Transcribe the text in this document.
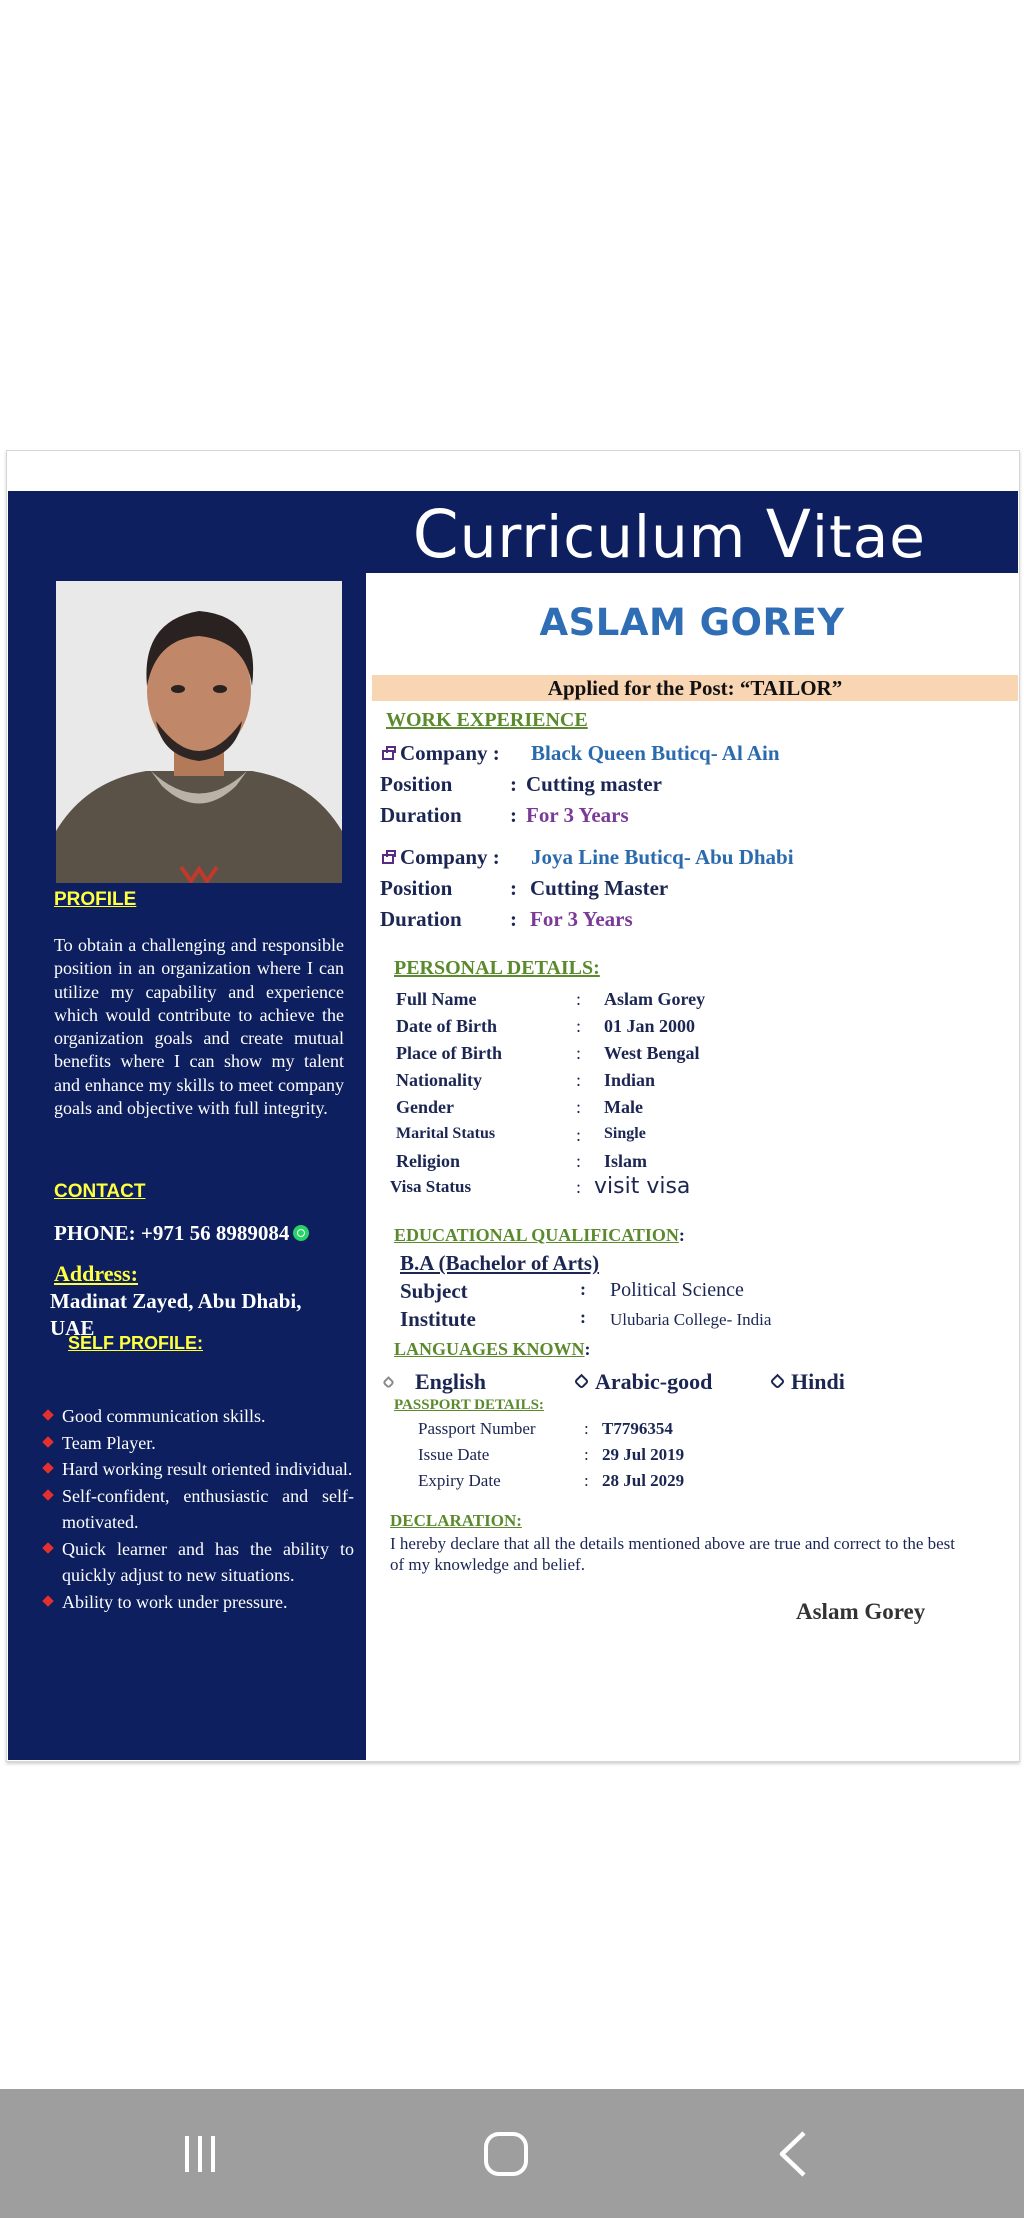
PROFILE
To obtain a challenging and responsible position in an organization where I can utilize my capability and experience which would contribute to achieve the organization goals and create mutual benefits where I can show my talent and enhance my skills to meet company goals and objective with full integrity.
CONTACT
PHONE: +971 56 8989084
Address:
Madinat Zayed, Abu Dhabi,
UAE
SELF PROFILE:
Good communication skills.
Team Player.
Hard working result oriented individual.
Self-confident, enthusiastic and self-motivated.
Quick learner and has the ability to quickly adjust to new situations.
Ability to work under pressure.
Curriculum Vitae
ASLAM GOREY
Applied for the Post: “TAILOR”
WORK EXPERIENCE
Company : Black Queen Buticq- Al Ain
Position	: Cutting master
Duration : For 3 Years
Company : Joya Line Buticq- Abu Dhabi
Position	: Cutting Master
Duration : For 3 Years
PERSONAL DETAILS:
Full Name	: Aslam Gorey
Date of Birth	: 01 Jan 2000
Place of Birth	: West Bengal
Nationality	: Indian
Gender	: Male
Marital Status	: Single
Religion	: Islam
Visa Status	: visit visa
EDUCATIONAL QUALIFICATION:
B.A (Bachelor of Arts)
Subject	: Political Science
Institute	: Ulubaria College- India
LANGUAGES KNOWN:
English	Arabic-good	Hindi
PASSPORT DETAILS:
Passport Number	: T7796354
Issue Date	: 29 Jul 2019
Expiry Date	: 28 Jul 2029
DECLARATION:
I hereby declare that all the details mentioned above are true and correct to the best of my knowledge and belief.
Aslam Gorey
